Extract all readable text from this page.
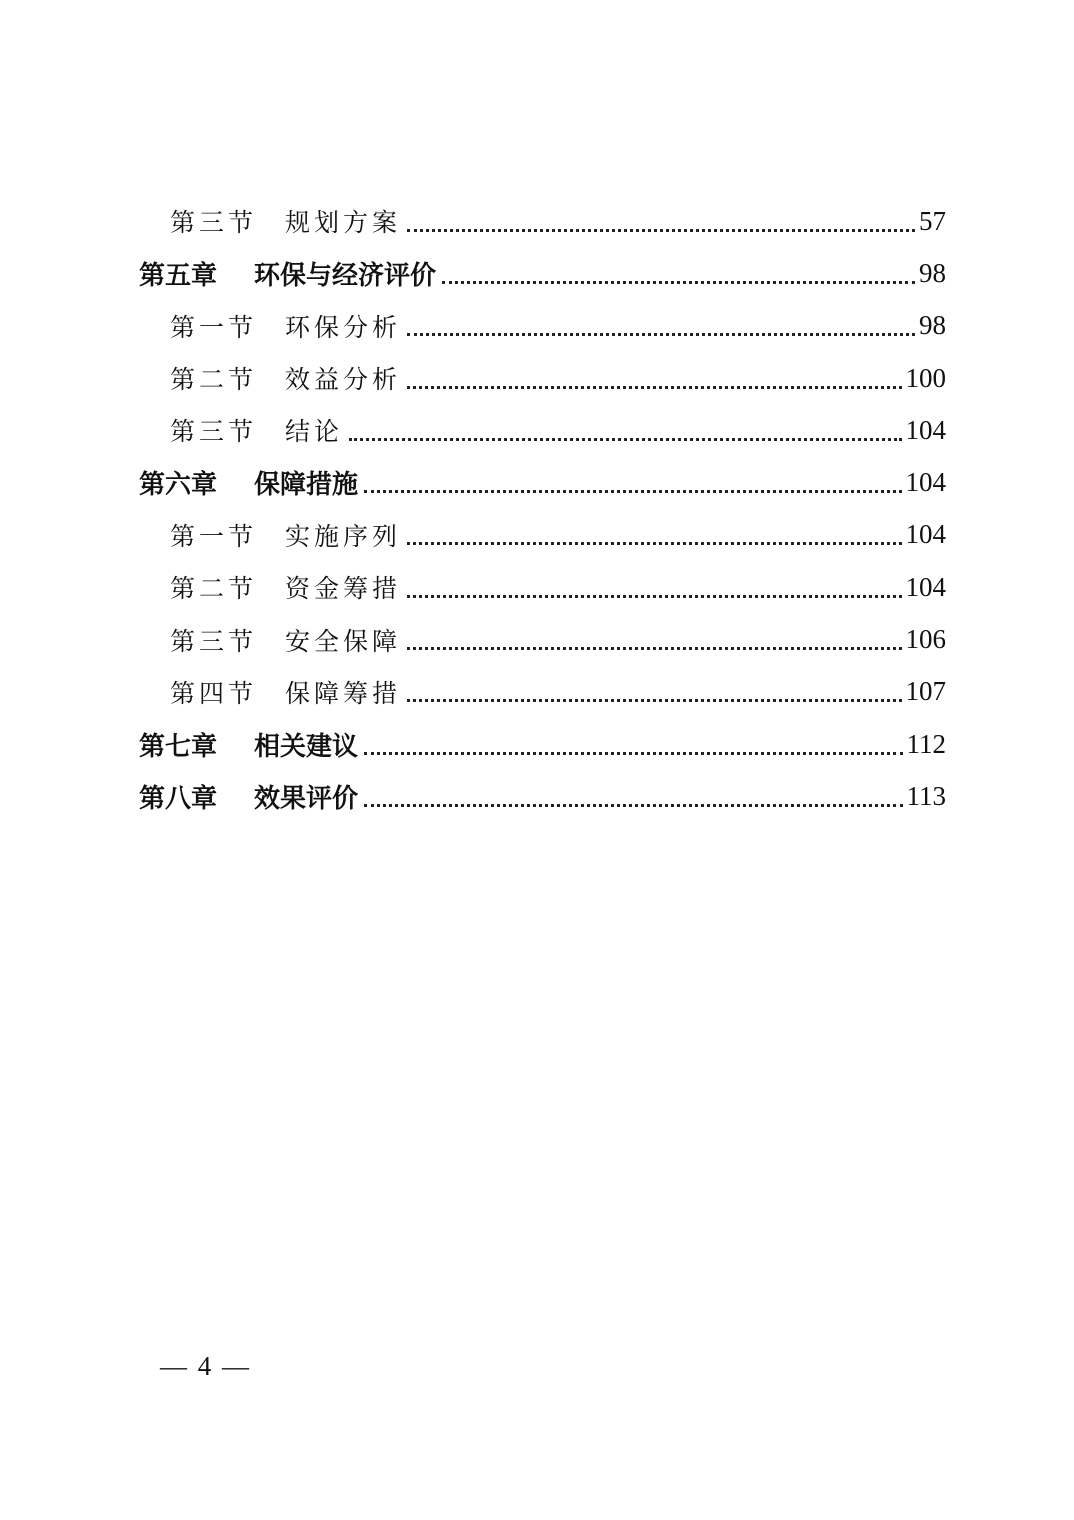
第三节	规划方案	57
第五章	环保与经济评价	98
第一节	环保分析	98
第二节	效益分析	100
第三节	结论	104
第六章	保障措施	104
第一节	实施序列	104
第二节	资金筹措	104
第三节	安全保障	106
第四节	保障筹措	107
第七章	相关建议	112
第八章	效果评价	113
— 4 —
